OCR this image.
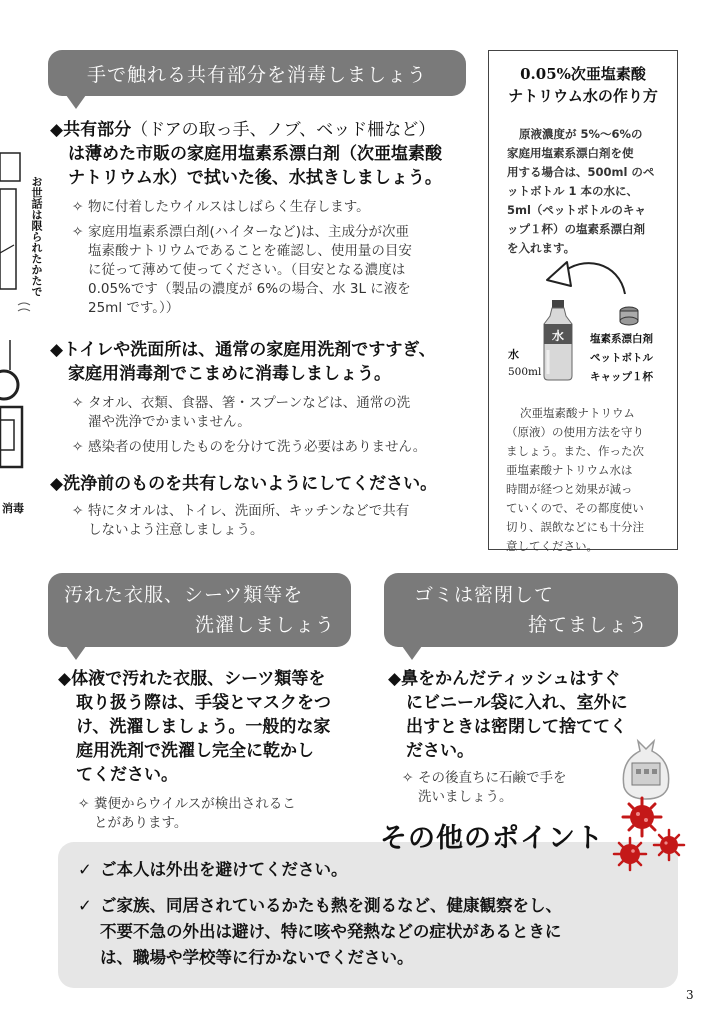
お世話は限られたかたで
消毒
手で触れる共有部分を消毒しましょう
◆共有部分（ドアの取っ手、ノブ、ベッド柵など）
は薄めた市販の家庭用塩素系漂白剤（次亜塩素酸
ナトリウム水）で拭いた後、水拭きしましょう。
✧ 物に付着したウイルスはしばらく生存します。
✧ 家庭用塩素系漂白剤(ハイターなど)は、主成分が次亜
塩素酸ナトリウムであることを確認し、使用量の目安
に従って薄めて使ってください。（目安となる濃度は
0.05%です（製品の濃度が 6%の場合、水 3L に液を
25ml です。））
◆トイレや洗面所は、通常の家庭用洗剤ですすぎ、
家庭用消毒剤でこまめに消毒しましょう。
✧ タオル、衣類、食器、箸・スプーンなどは、通常の洗
濯や洗浄でかまいません。
✧ 感染者の使用したものを分けて洗う必要はありません。
◆洗浄前のものを共有しないようにしてください。
✧ 特にタオルは、トイレ、洗面所、キッチンなどで共有
しないよう注意しましょう。
0.05%次亜塩素酸
ナトリウム水の作り方
原液濃度が 5%〜6%の
家庭用塩素系漂白剤を使
用する場合は、500ml のペ
ットボトル 1 本の水に、
5ml（ペットボトルのキャ
ップ１杯）の塩素系漂白剤
を入れます。
水
水
500ml
塩素系漂白剤
ペットボトル
キャップ１杯
次亜塩素酸ナトリウム
（原液）の使用方法を守り
ましょう。また、作った次
亜塩素酸ナトリウム水は
時間が経つと効果が減っ
ていくので、その都度使い
切り、誤飲などにも十分注
意してください。
汚れた衣服、シーツ類等を
洗濯しましょう
◆体液で汚れた衣服、シーツ類等を
取り扱う際は、手袋とマスクをつ
け、洗濯しましょう。一般的な家
庭用洗剤で洗濯し完全に乾かし
てください。
✧ 糞便からウイルスが検出されるこ
とがあります。
ゴミは密閉して
捨てましょう
◆鼻をかんだティッシュはすぐ
にビニール袋に入れ、室外に
出すときは密閉して捨ててく
ださい。
✧ その後直ちに石鹸で手を
洗いましょう。
その他のポイント
✓ ご本人は外出を避けてください。
✓ ご家族、同居されているかたも熱を測るなど、健康観察をし、
不要不急の外出は避け、特に咳や発熱などの症状があるときに
は、職場や学校等に行かないでください。
3
